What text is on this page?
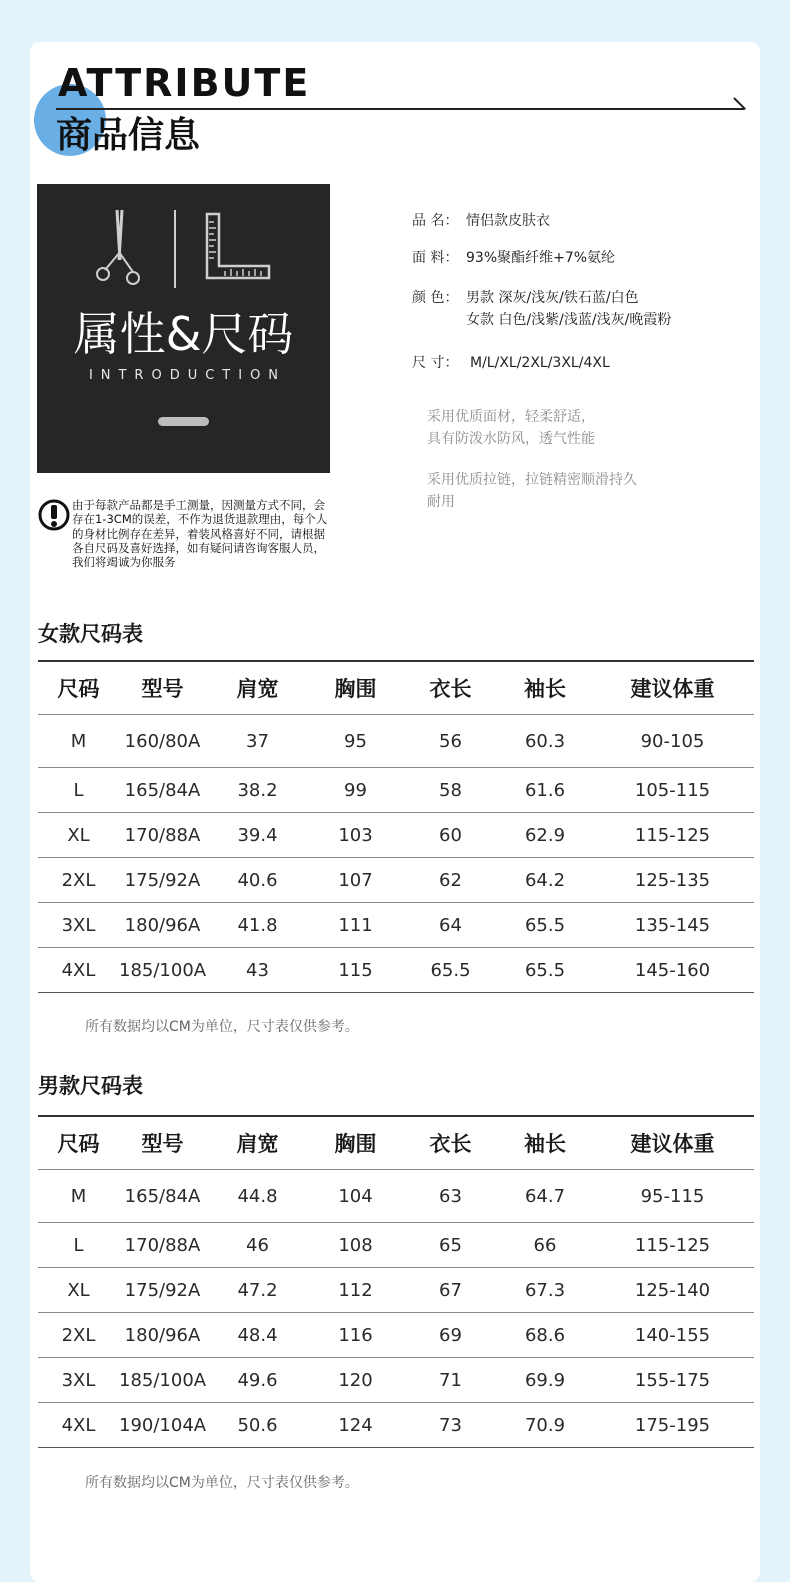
ATTRIBUTE
商品信息
属性&尺码
INTRODUCTION
由于每款产品都是手工测量，因测量方式不同，会存在1-3CM的误差，不作为退货退款理由，每个人的身材比例存在差异，着装风格喜好不同，请根据各自尺码及喜好选择，如有疑问请咨询客服人员，我们将竭诚为你服务
品 名： 情侣款皮肤衣
面 料： 93%聚酯纤维+7%氨纶
颜 色： 男款 深灰/浅灰/铁石蓝/白色
女款 白色/浅紫/浅蓝/浅灰/晚霞粉
尺 寸： M/L/XL/2XL/3XL/4XL
采用优质面材，轻柔舒适，
具有防泼水防风，透气性能
采用优质拉链，拉链精密顺滑持久
耐用
女款尺码表
尺码	型号	肩宽	胸围	衣长	袖长	建议体重
M	160/80A	37	95	56	60.3	90-105
L	165/84A	38.2	99	58	61.6	105-115
XL	170/88A	39.4	103	60	62.9	115-125
2XL	175/92A	40.6	107	62	64.2	125-135
3XL	180/96A	41.8	111	64	65.5	135-145
4XL	185/100A	43	115	65.5	65.5	145-160
所有数据均以CM为单位，尺寸表仅供参考。
男款尺码表
尺码	型号	肩宽	胸围	衣长	袖长	建议体重
M	165/84A	44.8	104	63	64.7	95-115
L	170/88A	46	108	65	66	115-125
XL	175/92A	47.2	112	67	67.3	125-140
2XL	180/96A	48.4	116	69	68.6	140-155
3XL	185/100A	49.6	120	71	69.9	155-175
4XL	190/104A	50.6	124	73	70.9	175-195
所有数据均以CM为单位，尺寸表仅供参考。
